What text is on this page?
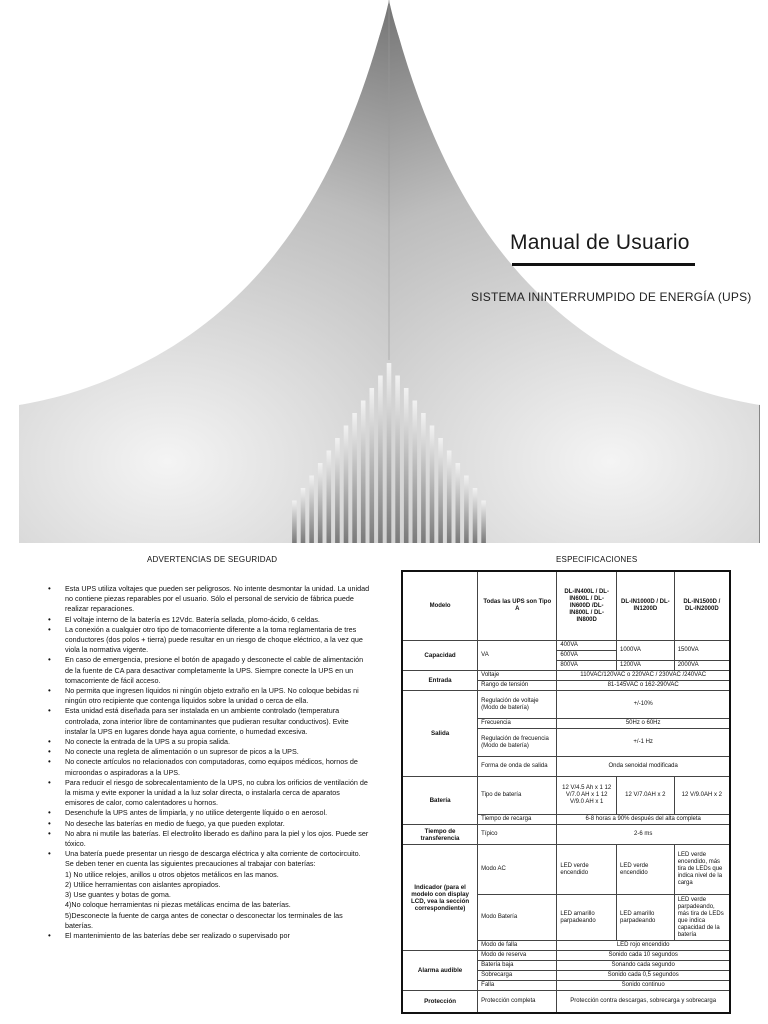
Manual de Usuario
SISTEMA ININTERRUMPIDO DE ENERGÍA (UPS)
ADVERTENCIAS DE SEGURIDAD	ESPECIFICACIONES
• Esta UPS utiliza voltajes que pueden ser peligrosos. No intente desmontar la unidad. La unidad no contiene piezas reparables por el usuario. Sólo el personal de servicio de fábrica puede realizar reparaciones.
• El voltaje interno de la batería es 12Vdc. Batería sellada, plomo-ácido, 6 celdas.
• La conexión a cualquier otro tipo de tomacorriente diferente a la toma reglamentaria de tres conductores (dos polos + tierra) puede resultar en un riesgo de choque eléctrico, a la vez que viola la normativa vigente.
• En caso de emergencia, presione el botón de apagado y desconecte el cable de alimentación de la fuente de CA para desactivar completamente la UPS. Siempre conecte la UPS en un tomacorriente de fácil acceso.
• No permita que ingresen líquidos ni ningún objeto extraño en la UPS. No coloque bebidas ni ningún otro recipiente que contenga líquidos sobre la unidad o cerca de ella.
• Esta unidad está diseñada para ser instalada en un ambiente controlado (temperatura controlada, zona interior libre de contaminantes que pudieran resultar conductivos). Evite instalar la UPS en lugares donde haya agua corriente, o humedad excesiva.
• No conecte la entrada de la UPS a su propia salida.
• No conecte una regleta de alimentación o un supresor de picos a la UPS.
• No conecte artículos no relacionados con computadoras, como equipos médicos, hornos de microondas o aspiradoras a la UPS.
• Para reducir el riesgo de sobrecalentamiento de la UPS, no cubra los orificios de ventilación de la misma y evite exponer la unidad a la luz solar directa, o instalarla cerca de aparatos emisores de calor, como calentadores u hornos.
• Desenchufe la UPS antes de limpiarla, y no utilice detergente líquido o en aerosol.
• No deseche las baterías en medio de fuego, ya que pueden explotar.
• No abra ni mutile las baterías. El electrolito liberado es dañino para la piel y los ojos. Puede ser tóxico.
• Una batería puede presentar un riesgo de descarga eléctrica y alta corriente de cortocircuito. Se deben tener en cuenta las siguientes precauciones al trabajar con baterías:

1) No utilice relojes, anillos u otros objetos metálicos en las manos.

2) Utilice herramientas con aislantes apropiados.

3) Use guantes y botas de goma.

4)No coloque herramientas ni piezas metálicas encima de las baterías.

5)Desconecte la fuente de carga antes de conectar o desconectar los terminales de las baterías.

• El mantenimiento de las baterías debe ser realizado o supervisado por
Modelo	Todas las UPS son Tipo A	DL-IN400L / DL-IN600L / DL-IN600D /DL-IN800L / DL-IN800D	DL-IN1000D / DL-IN1200D	DL-IN1500D / DL-IN2000D
Capacidad	VA	400VA	1000VA	1500VA
		600VA		
		800VA	1200VA	2000VA
Entrada	Voltaje	110VAC/120VAC o 220VAC / 230VAC /240VAC		
	Rango de tensión	81-145VAC o 162-290VAC		
Salida	Regulación de voltaje (Modo de batería)	+/-10%		
	Frecuencia	50Hz o 60Hz		
	Regulación de frecuencia (Modo de batería)	+/-1 Hz		
	Forma de onda de salida	Onda senoidal modificada		
Batería	Tipo de batería	12 V/4.5 Ah x 1 12 V/7.0 AH x 1 12 V/9.0 AH x 1	12 V/7.0AH x 2	12 V/9.0AH x 2
	Tiempo de recarga	6-8 horas a 90% después del alta completa		
Tiempo de transferencia	Típico	2-6 ms		
Indicador (para el modelo con display LCD, vea la sección correspondiente)	Modo AC	LED verde encendido	LED verde encendido	LED verde encendido, más tira de LEDs que indica nivel de la carga
	Modo Batería	LED amarillo parpadeando	LED amarillo parpadeando	LED verde parpadeando, más tira de LEDs que indica capacidad de la batería
	Modo de falla	LED rojo encendido		
Alarma audible	Modo de reserva	Sonido cada 10 segundos		
	Batería baja	Sonando cada segundo		
	Sobrecarga	Sonido cada 0,5 segundos		
	Falla	Sonido continuo		
Protección	Protección completa	Protección contra descargas, sobrecarga y sobrecarga		
